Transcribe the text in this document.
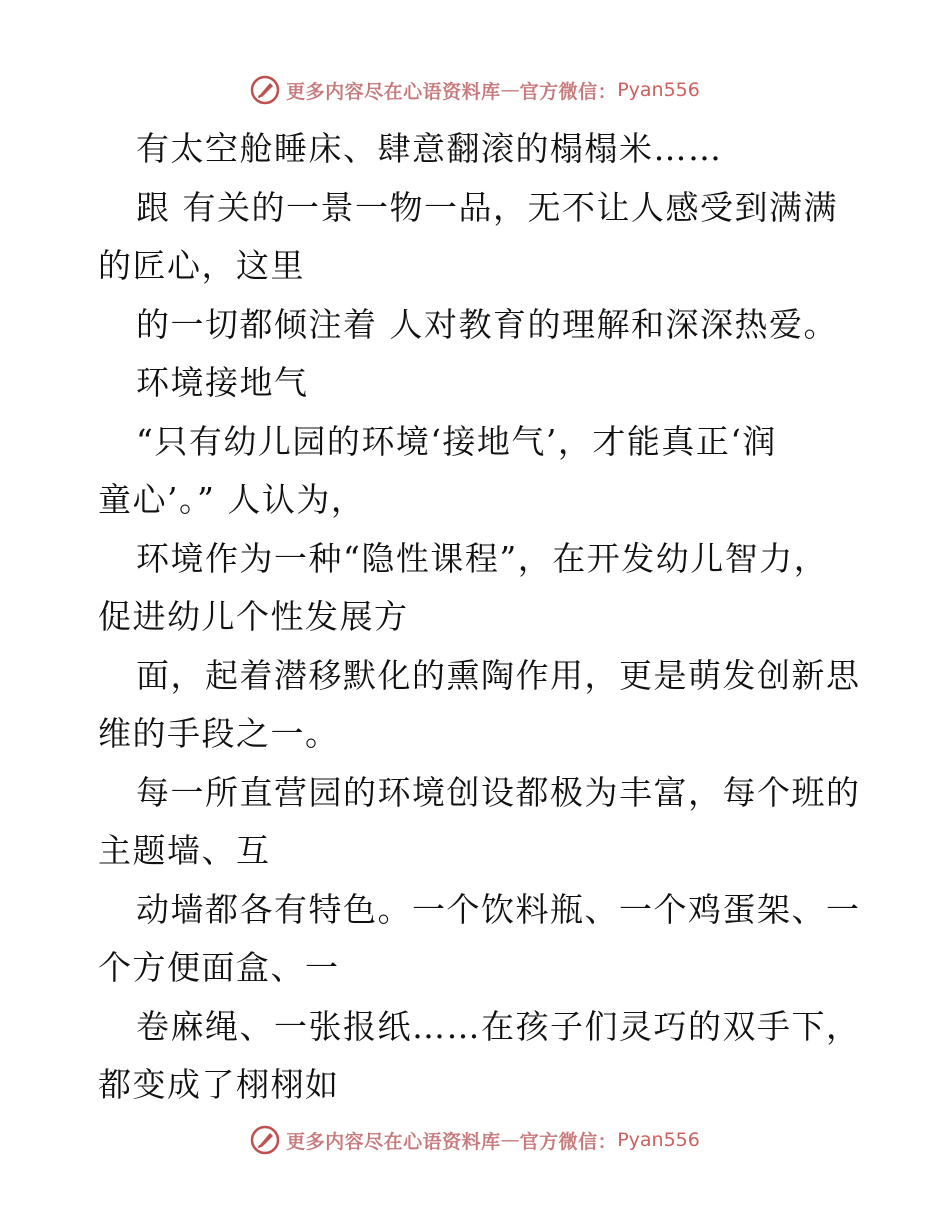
更多内容尽在心语资料库 — 官方微信： Pyan556
有太空舱睡床、肆意翻滚的榻榻米……
跟 有关的一景一物一品，无不让人感受到满满
的匠心，这里
的一切都倾注着 人对教育的理解和深深热爱。
环境接地气
“只有幼儿园的环境‘接地气’，才能真正‘润
童心’。” 人认为，
环境作为一种“隐性课程”，在开发幼儿智力，
促进幼儿个性发展方
面，起着潜移默化的熏陶作用，更是萌发创新思
维的手段之一。
每一所直营园的环境创设都极为丰富，每个班的
主题墙、互
动墙都各有特色。一个饮料瓶、一个鸡蛋架、一
个方便面盒、一
卷麻绳、一张报纸……在孩子们灵巧的双手下，
都变成了栩栩如
更多内容尽在心语资料库 — 官方微信： Pyan556
